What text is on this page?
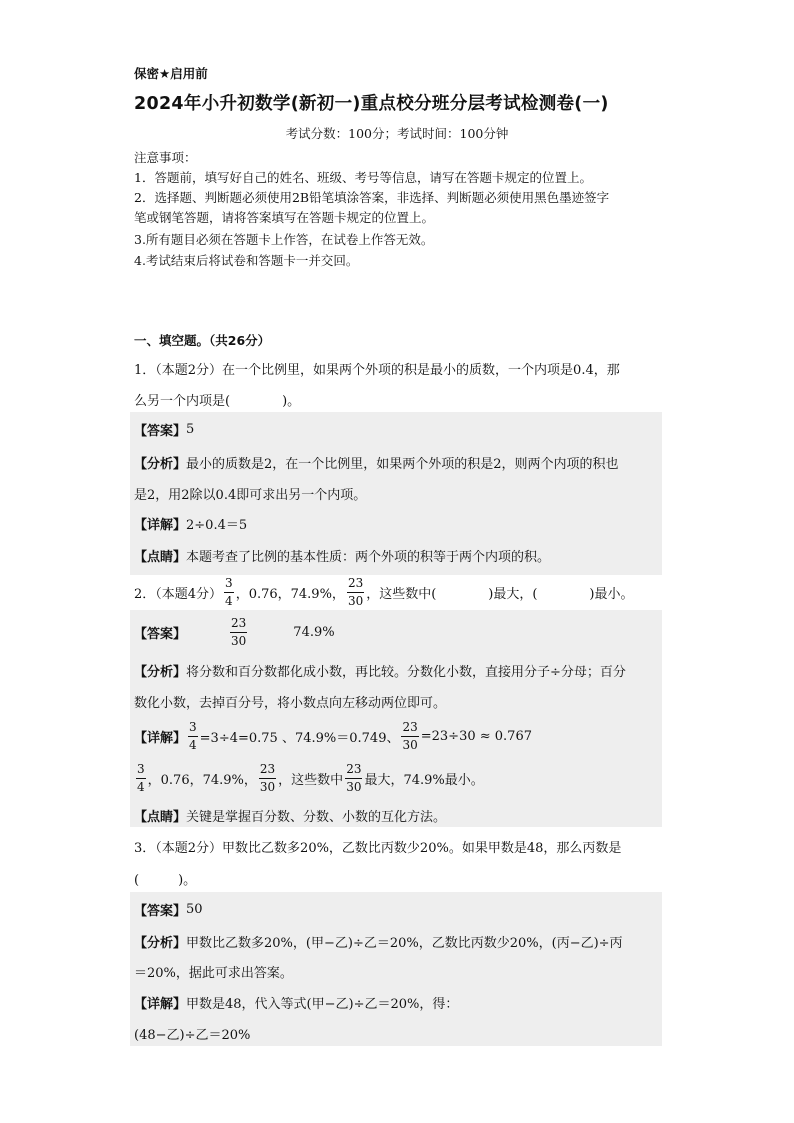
保密★启用前
2024年小升初数学(新初一)重点校分班分层考试检测卷(一)
考试分数：100分；考试时间：100分钟
注意事项：
1．答题前，填写好自己的姓名、班级、考号等信息，请写在答题卡规定的位置上。
2．选择题、判断题必须使用2B铅笔填涂答案，非选择、判断题必须使用黑色墨迹签字
笔或钢笔答题，请将答案填写在答题卡规定的位置上。
3.所有题目必须在答题卡上作答，在试卷上作答无效。
4.考试结束后将试卷和答题卡一并交回。
一、填空题。（共26分）
1．（本题2分）在一个比例里，如果两个外项的积是最小的质数，一个内项是0.4，那
么另一个内项是(　　　　)。
【答案】 5
【分析】 最小的质数是2，在一个比例里，如果两个外项的积是2，则两个内项的积也
是2，用2除以0.4即可求出另一个内项。
【详解】 2÷0.4＝5
【点睛】 本题考查了比例的基本性质：两个外项的积等于两个内项的积。
2．（本题4分） $\frac{3}{4}$ ，0.76，74.9%， $\frac{23}{30}$ ，这些数中(　　　　)最大，(　　　　)最小。
【答案】	$\frac{23}{30}$	74.9%
【分析】 将分数和百分数都化成小数，再比较。分数化小数，直接用分子÷分母；百分
数化小数，去掉百分号，将小数点向左移动两位即可。
【详解】 $\frac{3}{4} =3\div 4=0.75$ 、74.9%＝0.749、 $\frac{23}{30} =23\div 30 \approx 0.767$
$\frac{3}{4}$ ，0.76，74.9%， $\frac{23}{30}$ ，这些数中 $\frac{23}{30}$ 最大，74.9%最小。
【点睛】 关键是掌握百分数、分数、小数的互化方法。
3．（本题2分）甲数比乙数多20%，乙数比丙数少20%。如果甲数是48，那么丙数是
(　　　)。
【答案】 50
【分析】 甲数比乙数多20%，(甲−乙)÷乙＝20%，乙数比丙数少20%，(丙−乙)÷丙
＝20%，据此可求出答案。
【详解】 甲数是48，代入等式(甲−乙)÷乙＝20%，得：
(48−乙)÷乙＝20%
